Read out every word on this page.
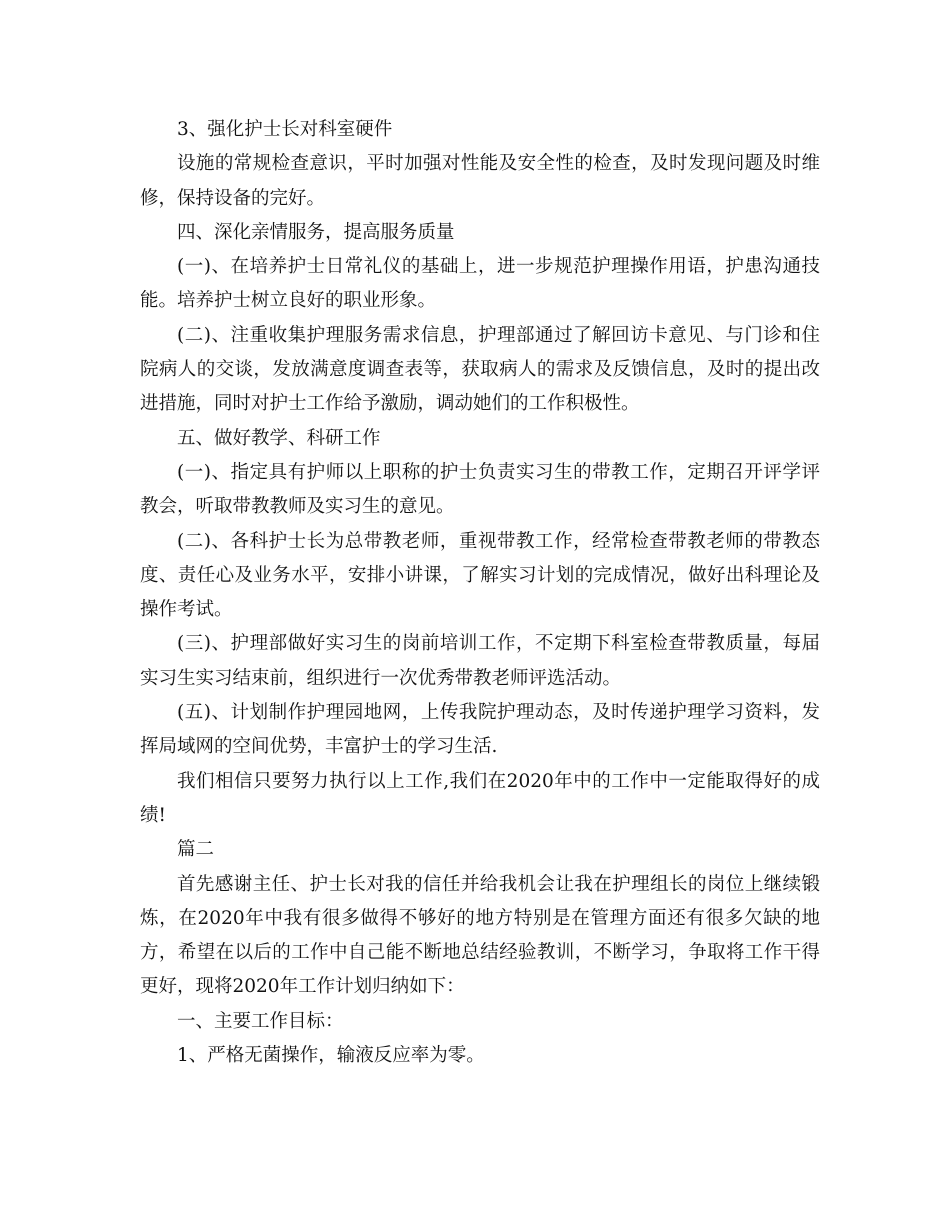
3、强化护士长对科室硬件

设施的常规检查意识，平时加强对性能及安全性的检查，及时发现问题及时维修，保持设备的完好。

四、深化亲情服务，提高服务质量

(一)、在培养护士日常礼仪的基础上，进一步规范护理操作用语，护患沟通技能。培养护士树立良好的职业形象。

(二)、注重收集护理服务需求信息，护理部通过了解回访卡意见、与门诊和住院病人的交谈，发放满意度调查表等，获取病人的需求及反馈信息，及时的提出改进措施，同时对护士工作给予激励，调动她们的工作积极性。

五、做好教学、科研工作

(一)、指定具有护师以上职称的护士负责实习生的带教工作，定期召开评学评教会，听取带教教师及实习生的意见。

(二)、各科护士长为总带教老师，重视带教工作，经常检查带教老师的带教态度、责任心及业务水平，安排小讲课，了解实习计划的完成情况，做好出科理论及操作考试。

(三)、护理部做好实习生的岗前培训工作，不定期下科室检查带教质量，每届实习生实习结束前，组织进行一次优秀带教老师评选活动。

(五)、计划制作护理园地网，上传我院护理动态，及时传递护理学习资料，发挥局域网的空间优势，丰富护士的学习生活.

我们相信只要努力执行以上工作,我们在2020年中的工作中一定能取得好的成绩!

篇二

首先感谢主任、护士长对我的信任并给我机会让我在护理组长的岗位上继续锻炼，在2020年中我有很多做得不够好的地方特别是在管理方面还有很多欠缺的地方，希望在以后的工作中自己能不断地总结经验教训，不断学习，争取将工作干得更好，现将2020年工作计划归纳如下：

一、主要工作目标：

1、严格无菌操作，输液反应率为零。
